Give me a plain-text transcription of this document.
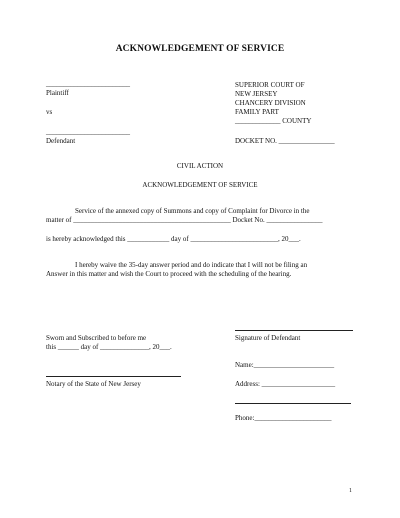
ACKNOWLEDGEMENT OF SERVICE
________________________
Plaintiff
vs
________________________
Defendant
SUPERIOR COURT OF
NEW JERSEY
CHANCERY DIVISION
FAMILY PART
_____________ COUNTY
DOCKET NO. ________________
CIVIL ACTION
ACKNOWLEDGEMENT OF SERVICE
Service of the annexed copy of Summons and copy of Complaint for Divorce in the
matter of _____________________________________________ Docket No. ________________
is hereby acknowledged this ____________ day of _________________________, 20___.
I hereby waive the 35-day answer period and do indicate that I will not be filing an
Answer in this matter and wish the Court to proceed with the scheduling of the hearing.
Signature of Defendant
Name:_______________________
Address: _____________________
Phone:______________________
Sworn and Subscribed to before me
this ______ day of ______________, 20___.
Notary of the State of New Jersey
1
